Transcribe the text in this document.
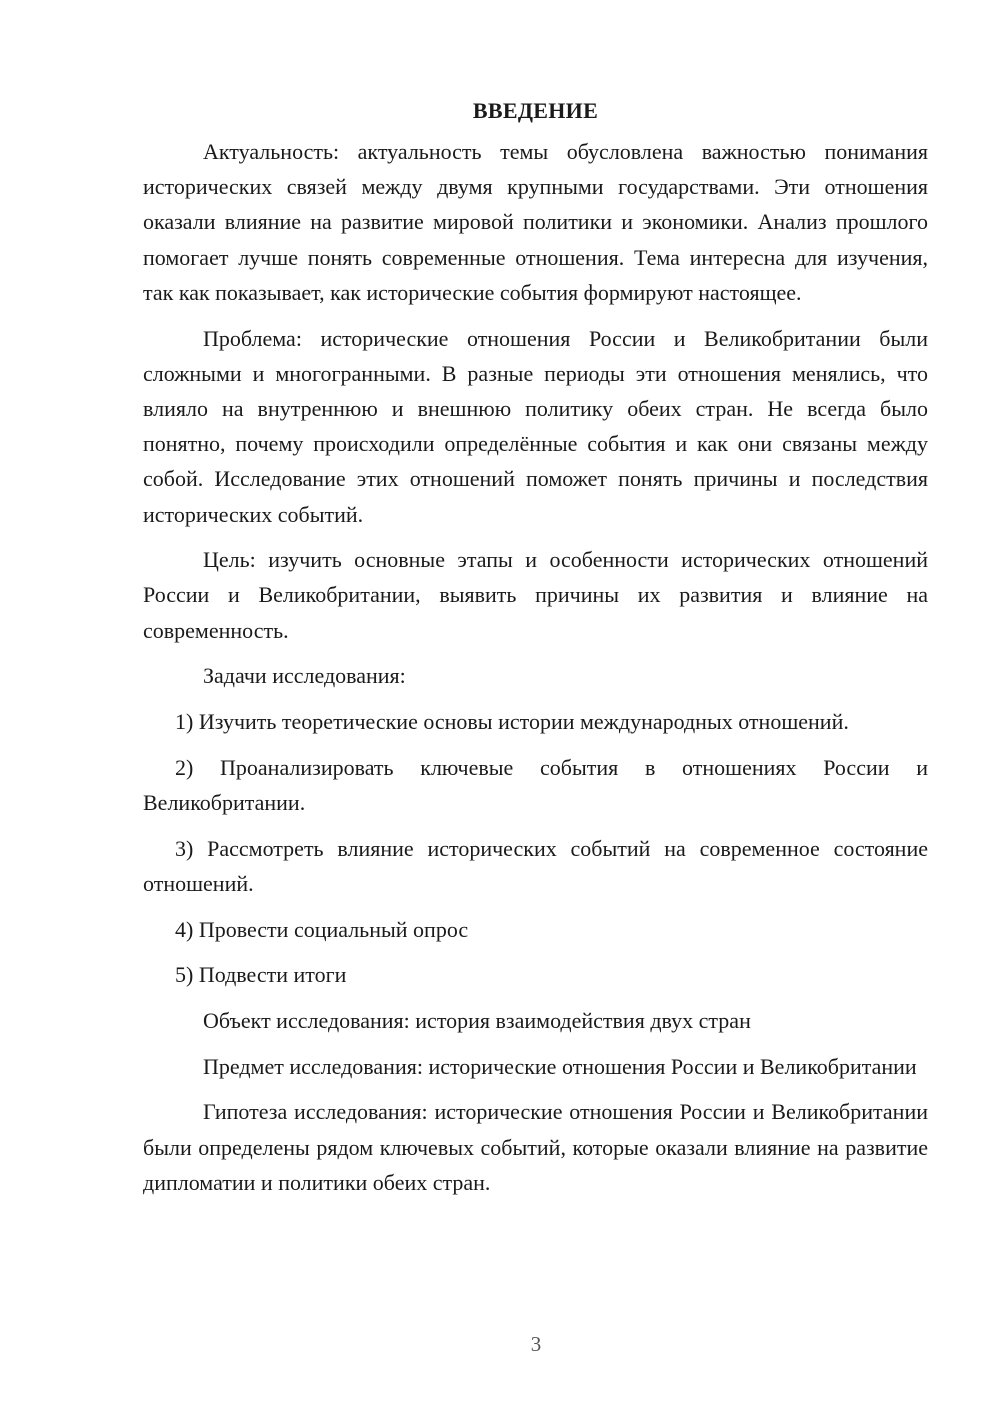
ВВЕДЕНИЕ

Актуальность: актуальность темы обусловлена важностью понимания исторических связей между двумя крупными государствами. Эти отношения оказали влияние на развитие мировой политики и экономики. Анализ прошлого помогает лучше понять современные отношения. Тема интересна для изучения, так как показывает, как исторические события формируют настоящее.

Проблема: исторические отношения России и Великобритании были сложными и многогранными. В разные периоды эти отношения менялись, что влияло на внутреннюю и внешнюю политику обеих стран. Не всегда было понятно, почему происходили определённые события и как они связаны между собой. Исследование этих отношений поможет понять причины и последствия исторических событий.

Цель: изучить основные этапы и особенности исторических отношений России и Великобритании, выявить причины их развития и влияние на современность.

Задачи исследования:

1) Изучить теоретические основы истории международных отношений.

2) Проанализировать ключевые события в отношениях России и Великобритании.

3) Рассмотреть влияние исторических событий на современное состояние отношений.

4) Провести социальный опрос

5) Подвести итоги

Объект исследования: история взаимодействия двух стран

Предмет исследования: исторические отношения России и Великобритании

Гипотеза исследования: исторические отношения России и Великобритании были определены рядом ключевых событий, которые оказали влияние на развитие дипломатии и политики обеих стран.

3
